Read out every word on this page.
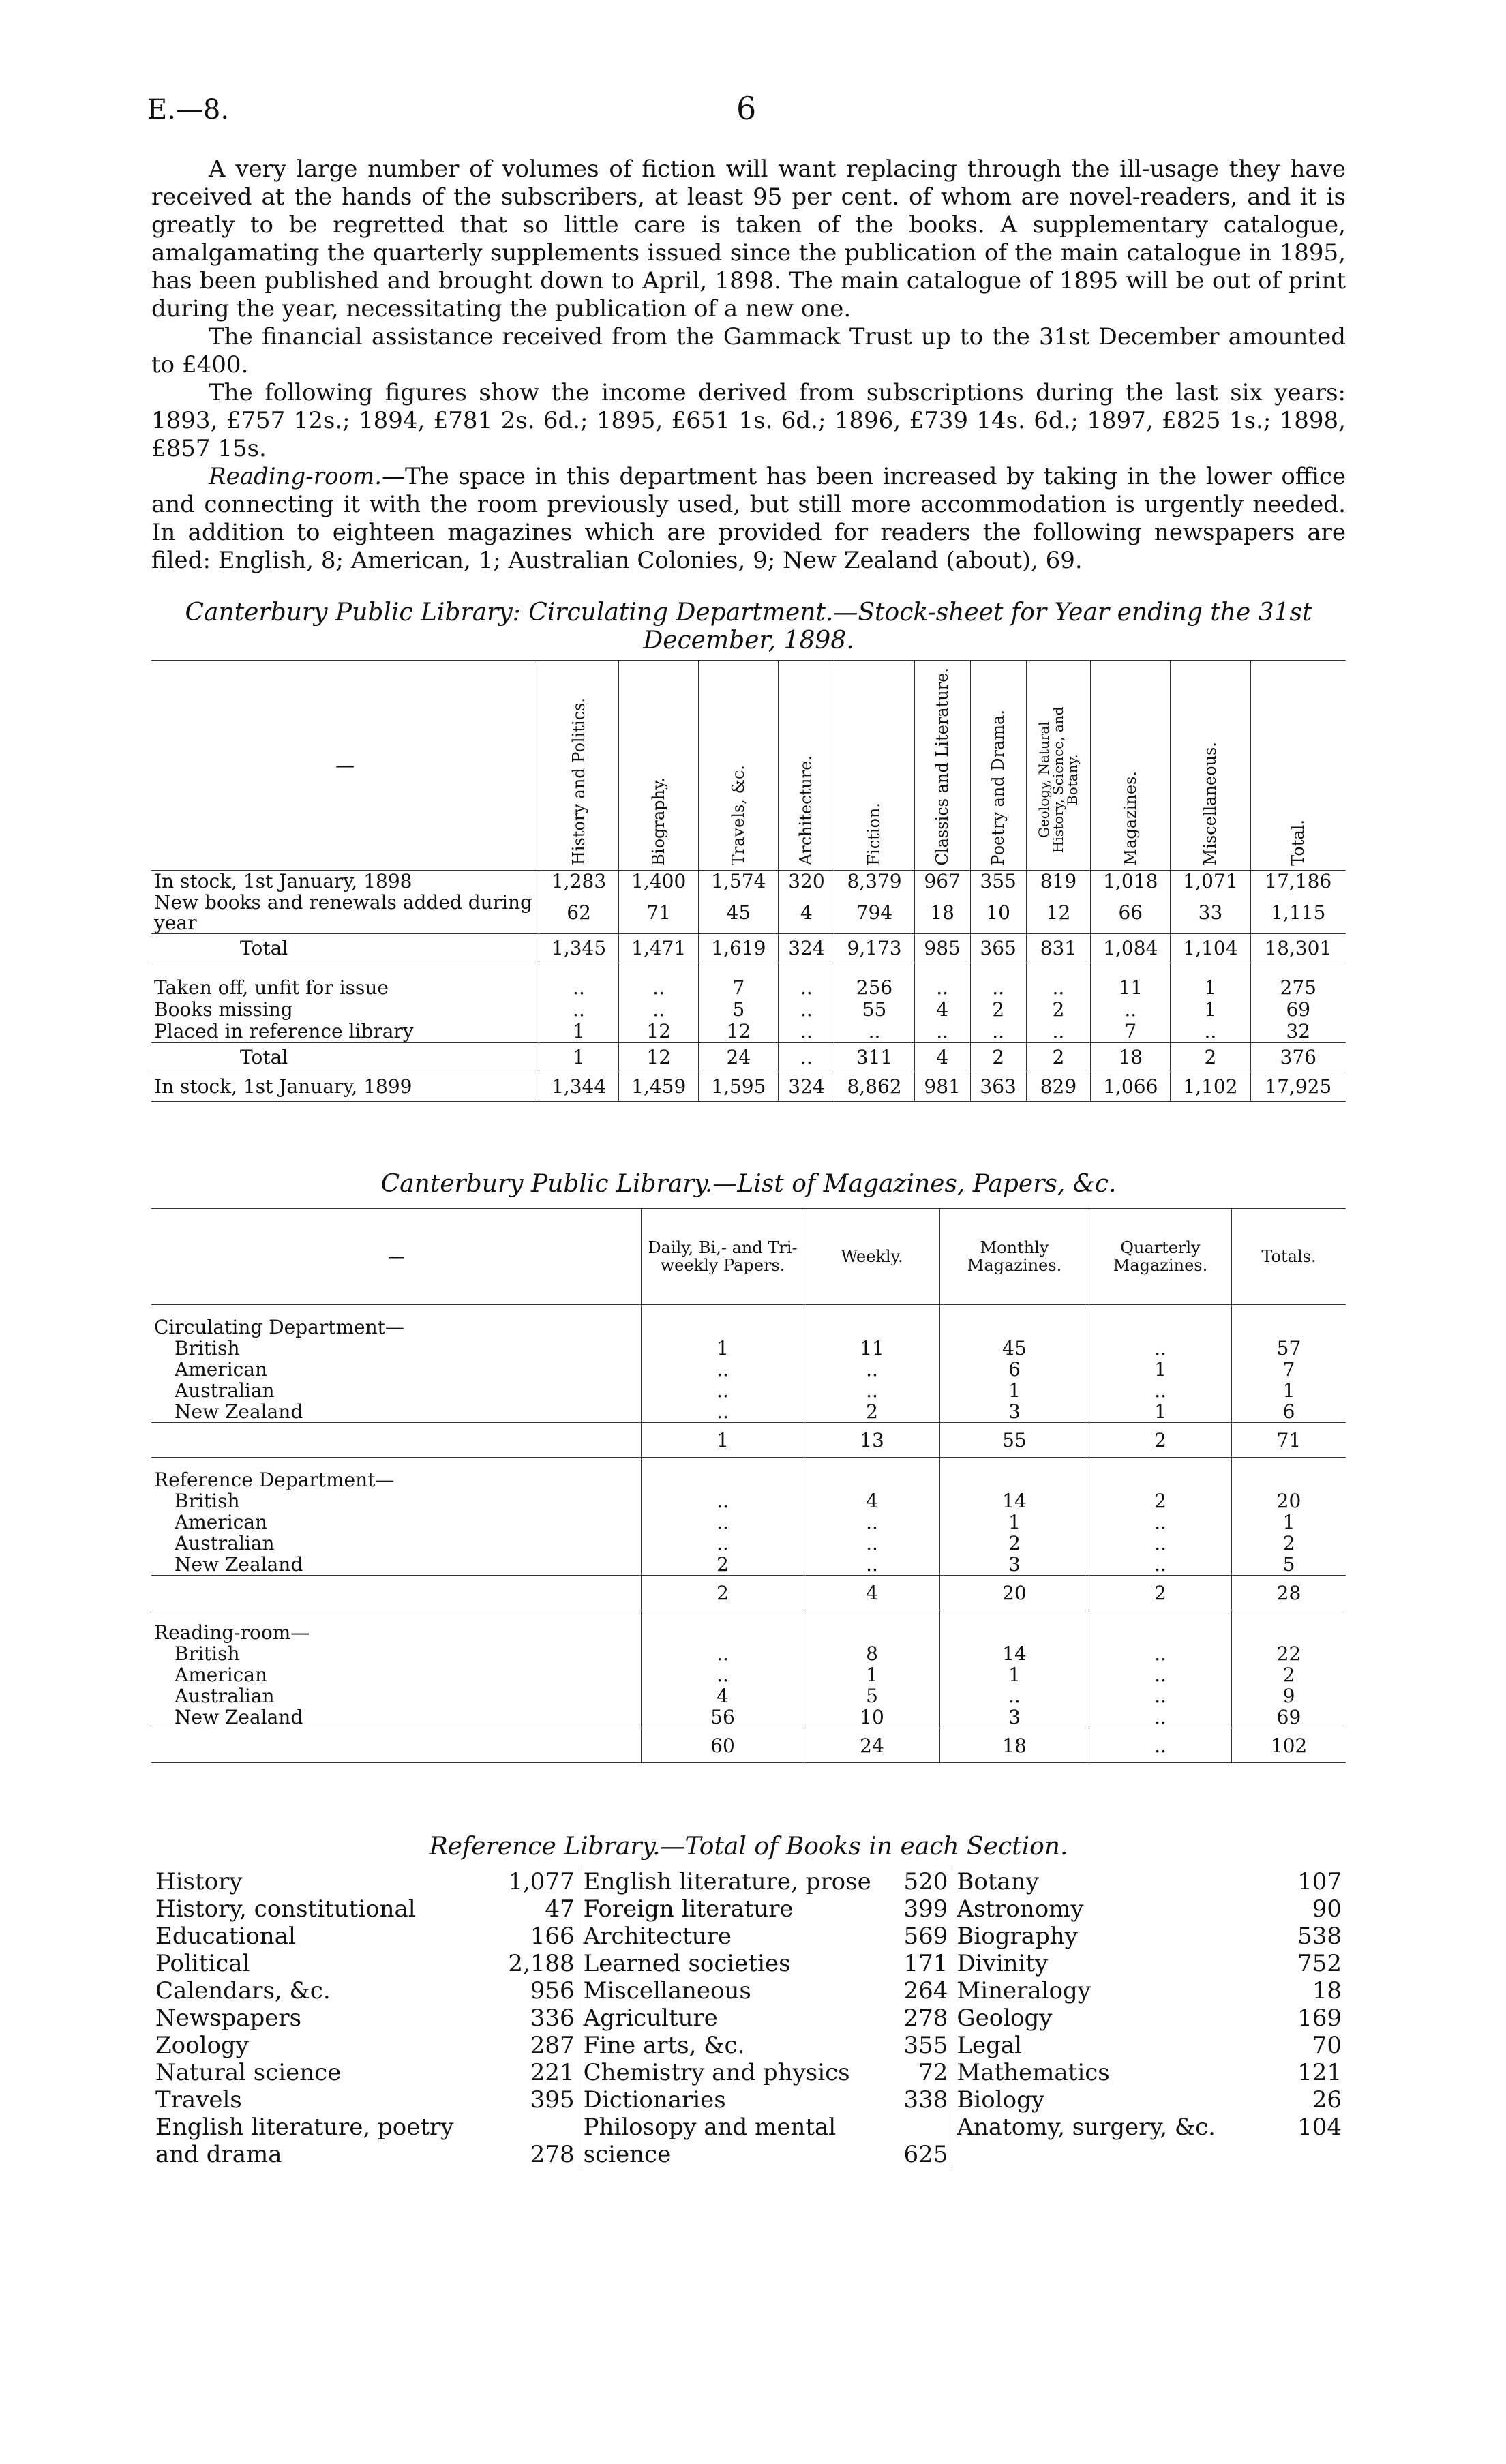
E.—8.	6

A very large number of volumes of fiction will want replacing through the ill-usage they have received at the hands of the subscribers, at least 95 per cent. of whom are novel-readers, and it is greatly to be regretted that so little care is taken of the books. A supplementary catalogue, amalgamating the quarterly supplements issued since the publication of the main catalogue in 1895, has been published and brought down to April, 1898. The main catalogue of 1895 will be out of print during the year, necessitating the publication of a new one.

The financial assistance received from the Gammack Trust up to the 31st December amounted to £400.

The following figures show the income derived from subscriptions during the last six years: 1893, £757 12s.; 1894, £781 2s. 6d.; 1895, £651 1s. 6d.; 1896, £739 14s. 6d.; 1897, £825 1s.; 1898, £857 15s.

Reading-room.—The space in this department has been increased by taking in the lower office and connecting it with the room previously used, but still more accommodation is urgently needed. In addition to eighteen magazines which are provided for readers the following newspapers are filed: English, 8; American, 1; Australian Colonies, 9; New Zealand (about), 69.

Canterbury Public Library: Circulating Department.—Stock-sheet for Year ending the 31st
December, 1898.
—	History and Politics.	Biography.	Travels, &c.	Architecture.	Fiction.	Classics and Literature.	Poetry and Drama.	Geology, Natural History, Science, and Botany.	Magazines.	Miscellaneous.	Total.
In stock, 1st January, 1898	1,283	1,400	1,574	320	8,379	967	355	819	1,018	1,071	17,186
New books and renewals added during year	62	71	45	4	794	18	10	12	66	33	1,115
Total	1,345	1,471	1,619	324	9,173	985	365	831	1,084	1,104	18,301

Taken off, unfit for issue	..	..	7	..	256	..	..	..	11	1	275
Books missing	..	..	5	..	55	4	2	2	..	1	69
Placed in reference library	1	12	12	..	..	..	..	..	7	..	32
Total	1	12	24	..	311	4	2	2	18	2	376
In stock, 1st January, 1899	1,344	1,459	1,595	324	8,862	981	363	829	1,066	1,102	17,925
Canterbury Public Library.—List of Magazines, Papers, &c.
—	Daily, Bi,- and Tri-weekly Papers.	Weekly.	Monthly Magazines.	Quarterly Magazines.	Totals.
Circulating Department—					
British	1	11	45	..	57
American	..	..	6	1	7
Australian	..	..	1	..	1
New Zealand	..	2	3	1	6
	1	13	55	2	71
Reference Department—					
British	..	4	14	2	20
American	..	..	1	..	1
Australian	..	..	2	..	2
New Zealand	2	..	3	..	5
	2	4	20	2	28
Reading-room—					
British	..	8	14	..	22
American	..	1	1	..	2
Australian	4	5	..	..	9
New Zealand	56	10	3	..	69
	60	24	18	..	102
Reference Library.—Total of Books in each Section.
History	1,077	English literature, prose	520	Botany	107
History, constitutional	47	Foreign literature	399	Astronomy	90
Educational	166	Architecture	569	Biography	538
Political	2,188	Learned societies	171	Divinity	752
Calendars, &c.	956	Miscellaneous	264	Mineralogy	18
Newspapers	336	Agriculture	278	Geology	169
Zoology	287	Fine arts, &c.	355	Legal	70
Natural science	221	Chemistry and physics	72	Mathematics	121
Travels	395	Dictionaries	338	Biology	26
English literature, poetry and drama	278	Philosopy and mental science	625	Anatomy, surgery, &c.	104
